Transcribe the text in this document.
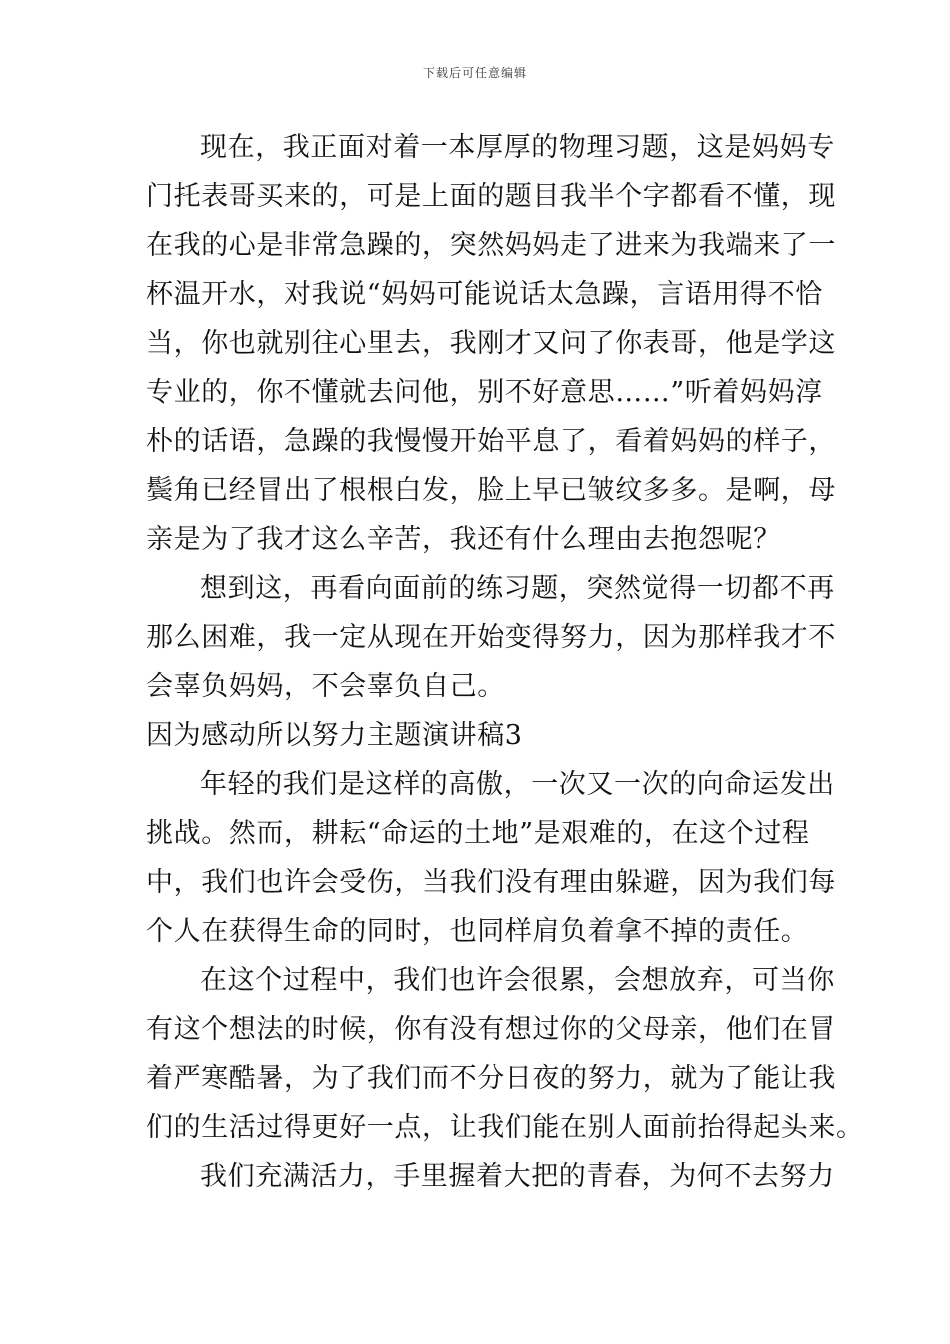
下载后可任意编辑
现在，我正面对着一本厚厚的物理习题，这是妈妈专
门托表哥买来的，可是上面的题目我半个字都看不懂，现
在我的心是非常急躁的，突然妈妈走了进来为我端来了一
杯温开水，对我说“妈妈可能说话太急躁，言语用得不恰
当，你也就别往心里去，我刚才又问了你表哥，他是学这
专业的，你不懂就去问他，别不好意思……”听着妈妈淳
朴的话语，急躁的我慢慢开始平息了，看着妈妈的样子，
鬓角已经冒出了根根白发，脸上早已皱纹多多。是啊，母
亲是为了我才这么辛苦，我还有什么理由去抱怨呢？
想到这，再看向面前的练习题，突然觉得一切都不再
那么困难，我一定从现在开始变得努力，因为那样我才不
会辜负妈妈，不会辜负自己。
因为感动所以努力主题演讲稿3
年轻的我们是这样的高傲，一次又一次的向命运发出
挑战。然而，耕耘“命运的土地”是艰难的，在这个过程
中，我们也许会受伤，当我们没有理由躲避，因为我们每
个人在获得生命的同时，也同样肩负着拿不掉的责任。
在这个过程中，我们也许会很累，会想放弃，可当你
有这个想法的时候，你有没有想过你的父母亲，他们在冒
着严寒酷暑，为了我们而不分日夜的努力，就为了能让我
们的生活过得更好一点，让我们能在别人面前抬得起头来。
我们充满活力，手里握着大把的青春，为何不去努力
